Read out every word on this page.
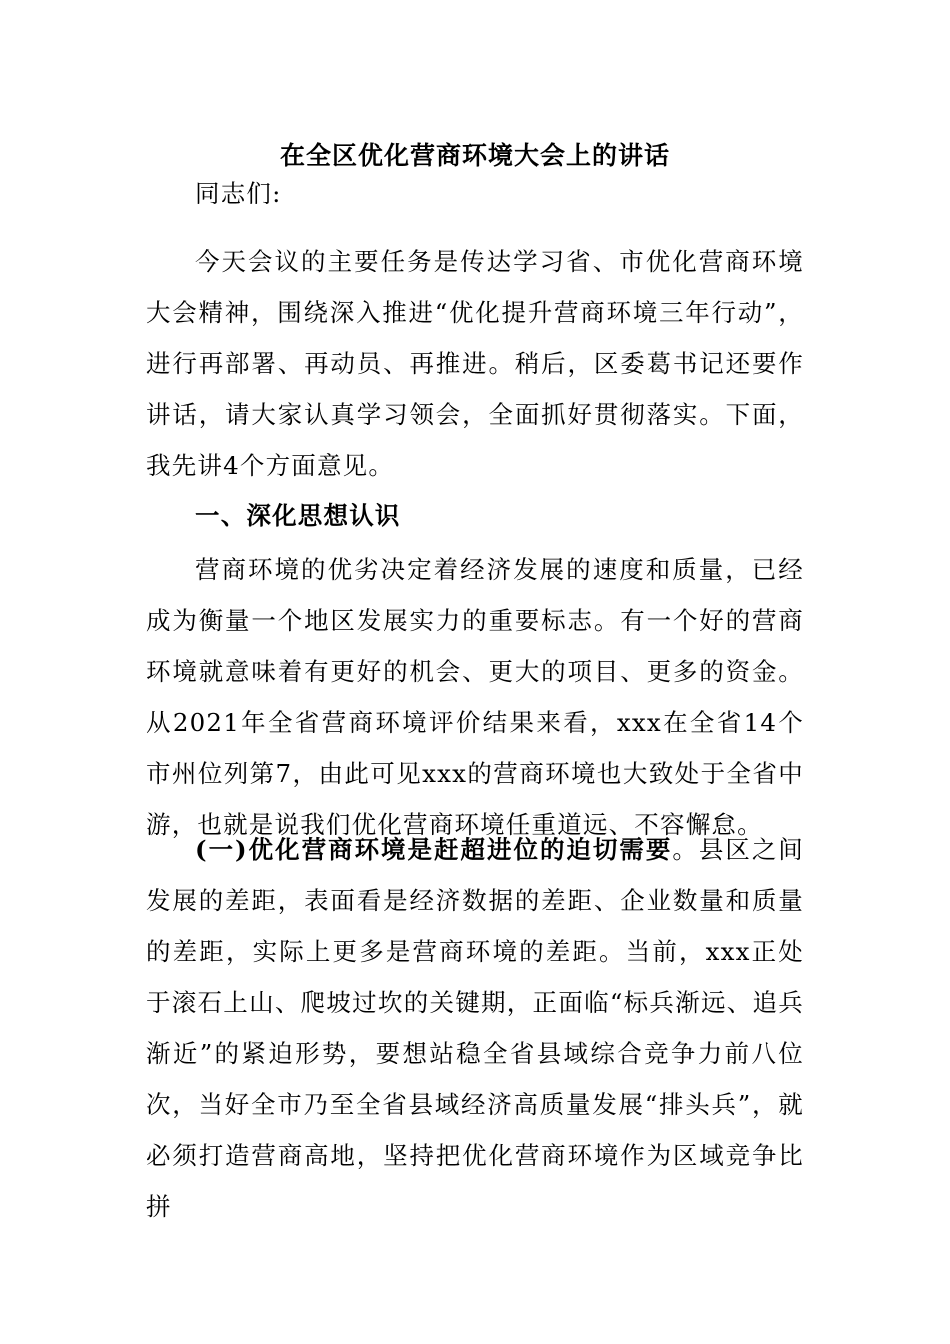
在全区优化营商环境大会上的讲话

同志们:

今天会议的主要任务是传达学习省、市优化营商环境大会精神，围绕深入推进“优化提升营商环境三年行动”，进行再部署、再动员、再推进。稍后，区委葛书记还要作讲话，请大家认真学习领会，全面抓好贯彻落实。下面，我先讲4个方面意见。

一、深化思想认识

营商环境的优劣决定着经济发展的速度和质量，已经成为衡量一个地区发展实力的重要标志。有一个好的营商环境就意味着有更好的机会、更大的项目、更多的资金。从2021年全省营商环境评价结果来看，xxx在全省14个市州位列第7，由此可见xxx的营商环境也大致处于全省中游，也就是说我们优化营商环境任重道远、不容懈怠。

(一)优化营商环境是赶超进位的迫切需要。县区之间发展的差距，表面看是经济数据的差距、企业数量和质量的差距，实际上更多是营商环境的差距。当前，xxx正处于滚石上山、爬坡过坎的关键期，正面临“标兵渐远、追兵渐近”的紧迫形势，要想站稳全省县域综合竞争力前八位次，当好全市乃至全省县域经济高质量发展“排头兵”，就必须打造营商高地，坚持把优化营商环境作为区域竞争比拼
